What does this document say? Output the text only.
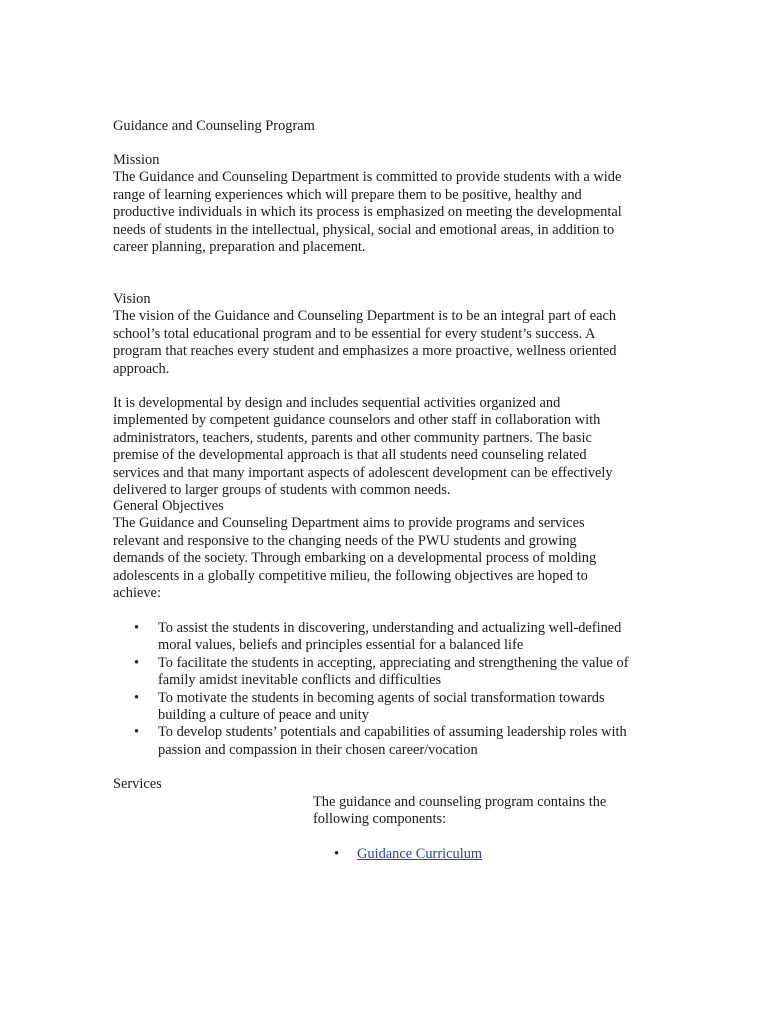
Guidance and Counseling Program
Mission
The Guidance and Counseling Department is committed to provide students with a wide
range of learning experiences which will prepare them to be positive, healthy and
productive individuals in which its process is emphasized on meeting the developmental
needs of students in the intellectual, physical, social and emotional areas, in addition to
career planning, preparation and placement.
Vision
The vision of the Guidance and Counseling Department is to be an integral part of each
school’s total educational program and to be essential for every student’s success. A
program that reaches every student and emphasizes a more proactive, wellness oriented
approach.
It is developmental by design and includes sequential activities organized and
implemented by competent guidance counselors and other staff in collaboration with
administrators, teachers, students, parents and other community partners. The basic
premise of the developmental approach is that all students need counseling related
services and that many important aspects of adolescent development can be effectively
delivered to larger groups of students with common needs.
General Objectives
The Guidance and Counseling Department aims to provide programs and services
relevant and responsive to the changing needs of the PWU students and growing
demands of the society. Through embarking on a developmental process of molding
adolescents in a globally competitive milieu, the following objectives are hoped to
achieve:
• To assist the students in discovering, understanding and actualizing well-defined
moral values, beliefs and principles essential for a balanced life
• To facilitate the students in accepting, appreciating and strengthening the value of
family amidst inevitable conflicts and difficulties
• To motivate the students in becoming agents of social transformation towards
building a culture of peace and unity
• To develop students’ potentials and capabilities of assuming leadership roles with
passion and compassion in their chosen career/vocation
Services
The guidance and counseling program contains the
following components:
• Guidance Curriculum
